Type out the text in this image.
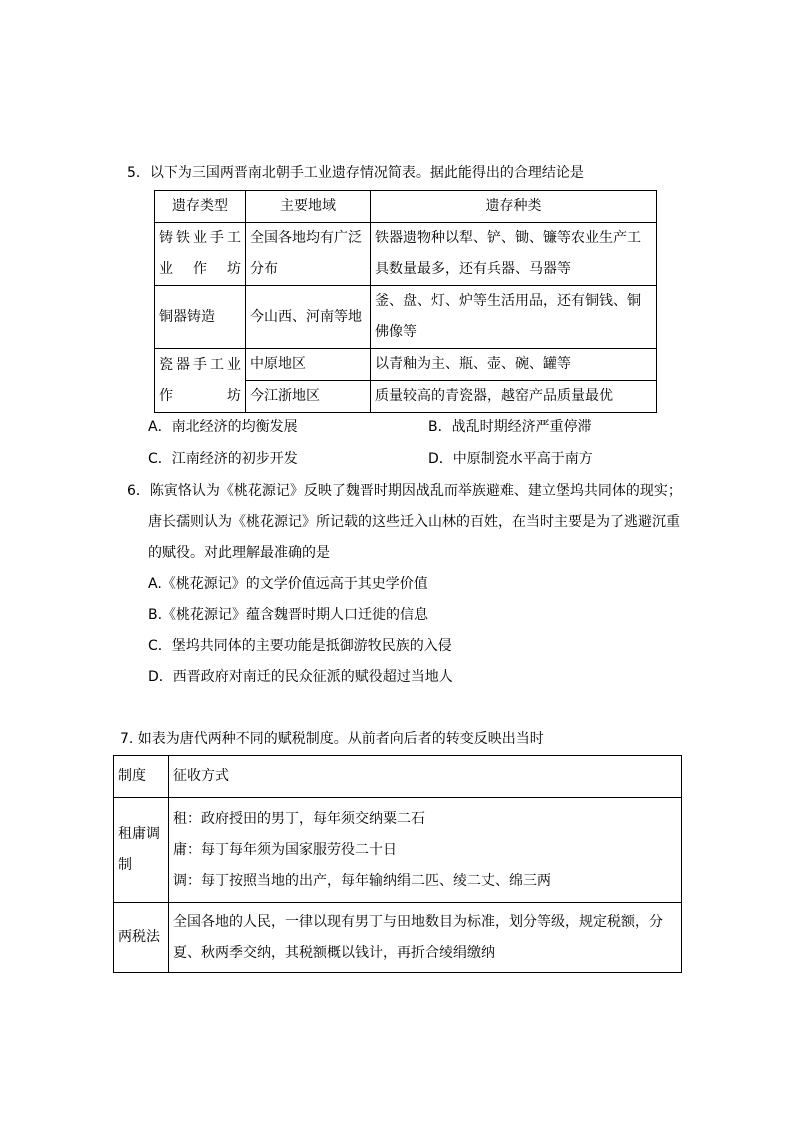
5．以下为三国两晋南北朝手工业遗存情况简表。据此能得出的合理结论是
遗存类型	主要地域	遗存种类
铸铁业手工业作坊	全国各地均有广泛分布	铁器遗物种以犁、铲、锄、镰等农业生产工具数量最多，还有兵器、马器等
铜器铸造	今山西、河南等地	釜、盘、灯、炉等生活用品，还有铜钱、铜佛像等
瓷器手工业作坊	中原地区	以青釉为主、瓶、壶、碗、罐等
	今江浙地区	质量较高的青瓷器，越窑产品质量最优
A．南北经济的均衡发展	B．战乱时期经济严重停滞
C．江南经济的初步开发	D．中原制瓷水平高于南方
6．陈寅恪认为《桃花源记》反映了魏晋时期因战乱而举族避难、建立堡坞共同体的现实；
唐长孺则认为《桃花源记》所记载的这些迁入山林的百姓，在当时主要是为了逃避沉重
的赋役。对此理解最准确的是
A.《桃花源记》的文学价值远高于其史学价值
B.《桃花源记》蕴含魏晋时期人口迁徙的信息
C．堡坞共同体的主要功能是抵御游牧民族的入侵
D．西晋政府对南迁的民众征派的赋役超过当地人
7. 如表为唐代两种不同的赋税制度。从前者向后者的转变反映出当时
制度	征收方式
租庸调制	租：政府授田的男丁，每年须交纳粟二石
庸：每丁每年须为国家服劳役二十日
调：每丁按照当地的出产，每年输纳绢二匹、绫二丈、绵三两

两税法	全国各地的人民，一律以现有男丁与田地数目为标准，划分等级，规定税额，分夏、秋两季交纳，其税额概以钱计，再折合绫绢缴纳
